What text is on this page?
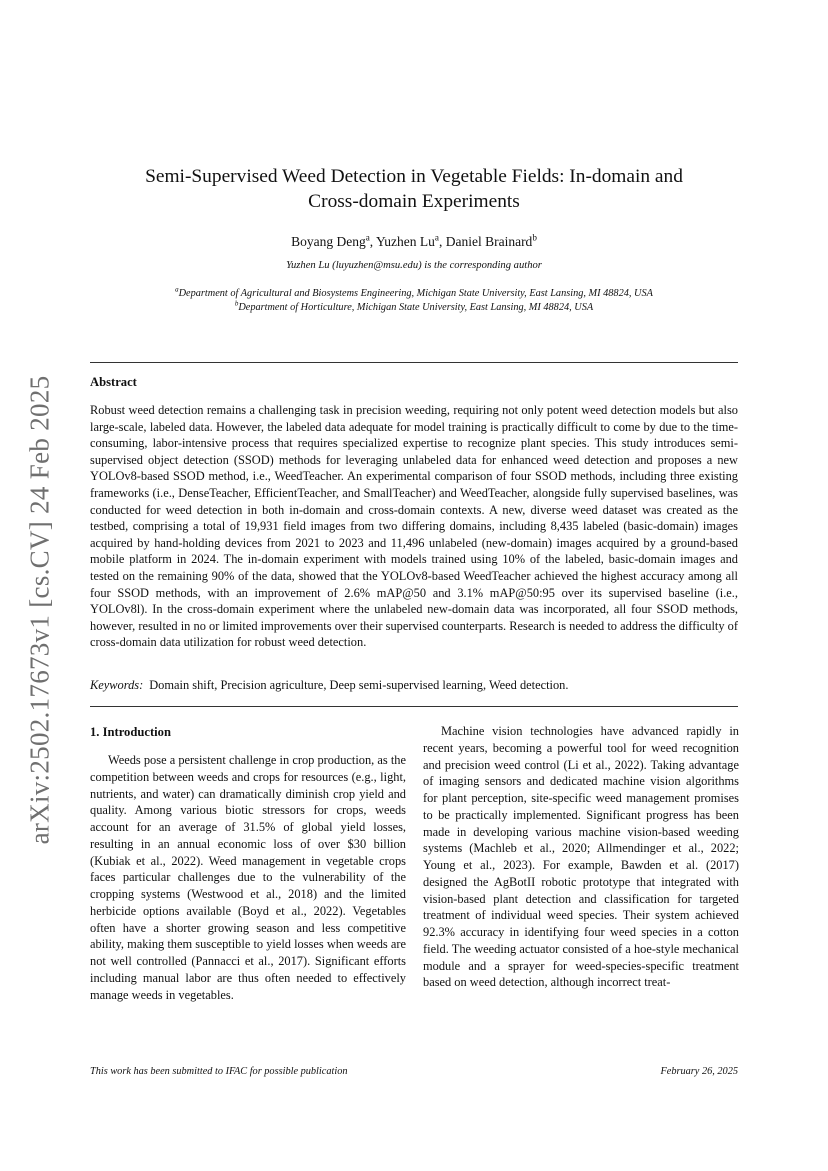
arXiv:2502.17673v1 [cs.CV] 24 Feb 2025
Semi-Supervised Weed Detection in Vegetable Fields: In-domain and
Cross-domain Experiments
Boyang Deng$^a$, Yuzhen Lu$^a$, Daniel Brainard$^b$
Yuzhen Lu (luyuzhen@msu.edu) is the corresponding author
$^a$Department of Agricultural and Biosystems Engineering, Michigan State University, East Lansing, MI 48824, USA
$^b$Department of Horticulture, Michigan State University, East Lansing, MI 48824, USA
Abstract

Robust weed detection remains a challenging task in precision weeding, requiring not only potent weed detection models but also large-scale, labeled data. However, the labeled data adequate for model training is practically difficult to come by due to the time-consuming, labor-intensive process that requires specialized expertise to recognize plant species. This study introduces semi-supervised object detection (SSOD) methods for leveraging unlabeled data for enhanced weed detection and proposes a new YOLOv8-based SSOD method, i.e., WeedTeacher. An experimental comparison of four SSOD methods, including three existing frameworks (i.e., DenseTeacher, EfficientTeacher, and SmallTeacher) and WeedTeacher, alongside fully supervised baselines, was conducted for weed detection in both in-domain and cross-domain contexts. A new, diverse weed dataset was created as the testbed, comprising a total of 19,931 field images from two differing domains, including 8,435 labeled (basic-domain) images acquired by hand-holding devices from 2021 to 2023 and 11,496 unlabeled (new-domain) images acquired by a ground-based mobile platform in 2024. The in-domain experiment with models trained using 10% of the labeled, basic-domain images and tested on the remaining 90% of the data, showed that the YOLOv8-based WeedTeacher achieved the highest accuracy among all four SSOD methods, with an improvement of 2.6% mAP@50 and 3.1% mAP@50:95 over its supervised baseline (i.e., YOLOv8l). In the cross-domain experiment where the unlabeled new-domain data was incorporated, all four SSOD methods, however, resulted in no or limited improvements over their supervised counterparts. Research is needed to address the difficulty of cross-domain data utilization for robust weed detection.

Keywords: Domain shift, Precision agriculture, Deep semi-supervised learning, Weed detection.
1. Introduction

Weeds pose a persistent challenge in crop production, as the competition between weeds and crops for resources (e.g., light, nutrients, and water) can dramatically diminish crop yield and quality. Among various biotic stressors for crops, weeds account for an average of 31.5% of global yield losses, resulting in an annual economic loss of over $30 billion (Kubiak et al., 2022). Weed management in vegetable crops faces particular challenges due to the vulnerability of the cropping systems (Westwood et al., 2018) and the limited herbicide options available (Boyd et al., 2022). Vegetables often have a shorter growing season and less competitive ability, making them susceptible to yield losses when weeds are not well controlled (Pannacci et al., 2017). Significant efforts including manual labor are thus often needed to effectively manage weeds in vegetables.

Machine vision technologies have advanced rapidly in recent years, becoming a powerful tool for weed recognition and precision weed control (Li et al., 2022). Taking advantage of imaging sensors and dedicated machine vision algorithms for plant perception, site-specific weed management promises to be practically implemented. Significant progress has been made in developing various machine vision-based weeding systems (Machleb et al., 2020; Allmendinger et al., 2022; Young et al., 2023). For example, Bawden et al. (2017) designed the AgBotII robotic prototype that integrated with vision-based plant detection and classification for targeted treatment of individual weed species. Their system achieved 92.3% accuracy in identifying four weed species in a cotton field. The weeding actuator consisted of a hoe-style mechanical module and a sprayer for weed-species-specific treatment based on weed detection, although incorrect treat-

This work has been submitted to IFAC for possible publication	February 26, 2025
